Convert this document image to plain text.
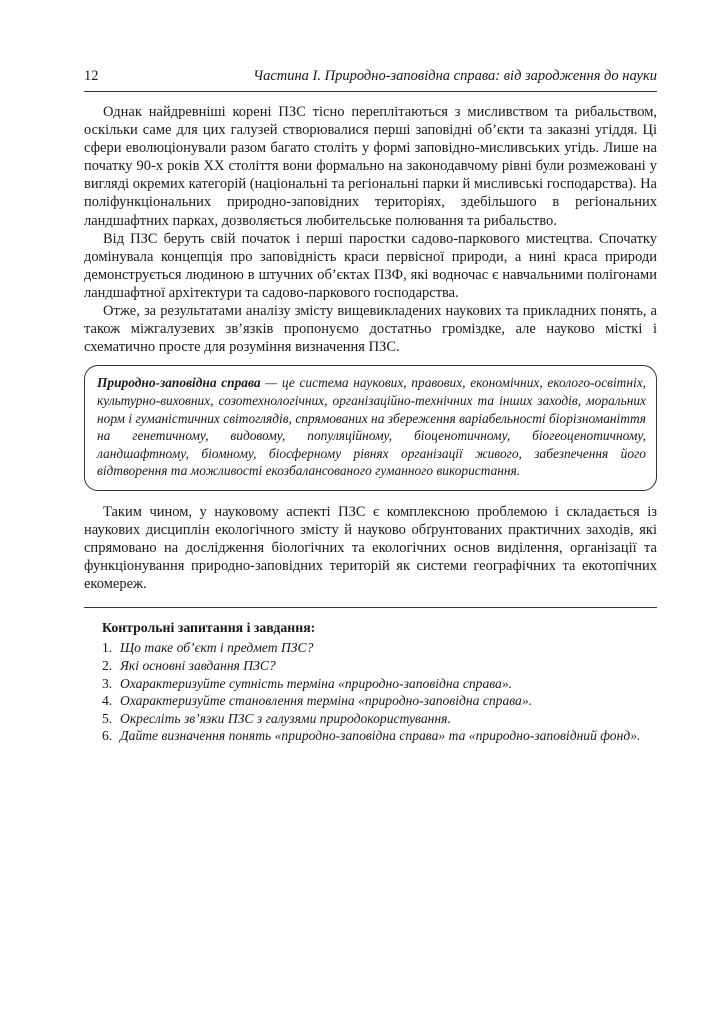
12	Частина I. Природно-заповідна справа: від зародження до науки

Однак найдревніші корені ПЗС тісно переплітаються з мисливством та рибальством, оскільки саме для цих галузей створювалися перші заповідні об’єкти та заказні угіддя. Ці сфери еволюціонували разом багато століть у формі заповідно-мисливських угідь. Лише на початку 90-х років ХХ століття вони формально на законодавчому рівні були розмежовані у вигляді окремих категорій (національні та регіональні парки й мисливські господарства). На поліфункціональних природно-заповідних територіях, здебільшого в регіональних ландшафтних парках, дозволяється любительське полювання та рибальство.

Від ПЗС беруть свій початок і перші паростки садово-паркового мистецтва. Спочатку домінувала концепція про заповідність краси первісної природи, а нині краса природи демонструється людиною в штучних об’єктах ПЗФ, які водночас є навчальними полігонами ландшафтної архітектури та садово-паркового господарства.

Отже, за результатами аналізу змісту вищевикладених наукових та прикладних понять, а також міжгалузевих зв’язків пропонуємо достатньо громіздке, але науково місткі і схематично просте для розуміння визначення ПЗС.

Природно-заповідна справа — це система наукових, правових, економічних, еколого-освітніх, культурно-виховних, созотехнологічних, організаційно-технічних та інших заходів, моральних норм і гуманістичних світоглядів, спрямованих на збереження варіабельності біорізноманіття на генетичному, видовому, популяційному, біоценотичному, біогеоценотичному, ландшафтному, біомному, біосферному рівнях організації живого, забезпечення його відтворення та можливості екозбалансованого гуманного використання.

Таким чином, у науковому аспекті ПЗС є комплексною проблемою і складається із наукових дисциплін екологічного змісту й науково обґрунтованих практичних заходів, які спрямовано на дослідження біологічних та екологічних основ виділення, організації та функціонування природно-заповідних територій як системи географічних та екотопічних екомереж.

Контрольні запитання і завдання:
1. Що таке об’єкт і предмет ПЗС?
2. Які основні завдання ПЗС?
3. Охарактеризуйте сутність терміна «природно-заповідна справа».
4. Охарактеризуйте становлення терміна «природно-заповідна справа».
5. Окресліть зв’язки ПЗС з галузями природокористування.
6. Дайте визначення понять «природно-заповідна справа» та «природно-заповідний фонд».
